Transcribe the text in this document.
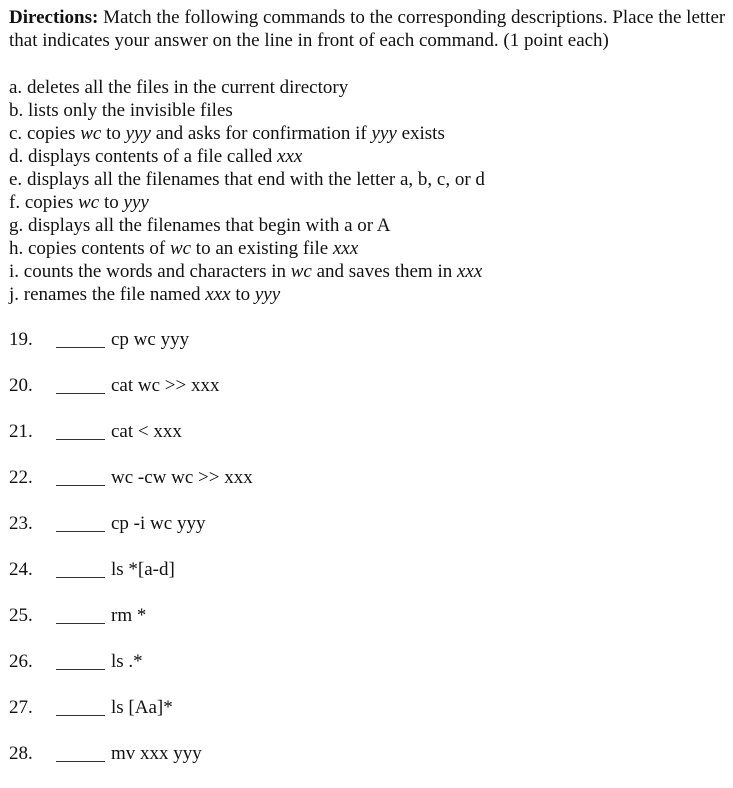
Directions: Match the following commands to the corresponding descriptions. Place the letter that indicates your answer on the line in front of each command. (1 point each)
a. deletes all the files in the current directory
b. lists only the invisible files
c. copies wc to yyy and asks for confirmation if yyy exists
d. displays contents of a file called xxx
e. displays all the filenames that end with the letter a, b, c, or d
f. copies wc to yyy
g. displays all the filenames that begin with a or A
h. copies contents of wc to an existing file xxx
i. counts the words and characters in wc and saves them in xxx
j. renames the file named xxx to yyy
19.	cp wc yyy
20.	cat wc >> xxx
21.	cat < xxx
22.	wc -cw wc >> xxx
23.	cp -i wc yyy
24.	ls *[a-d]
25.	rm *
26.	ls .*
27.	ls [Aa]*
28.	mv xxx yyy
